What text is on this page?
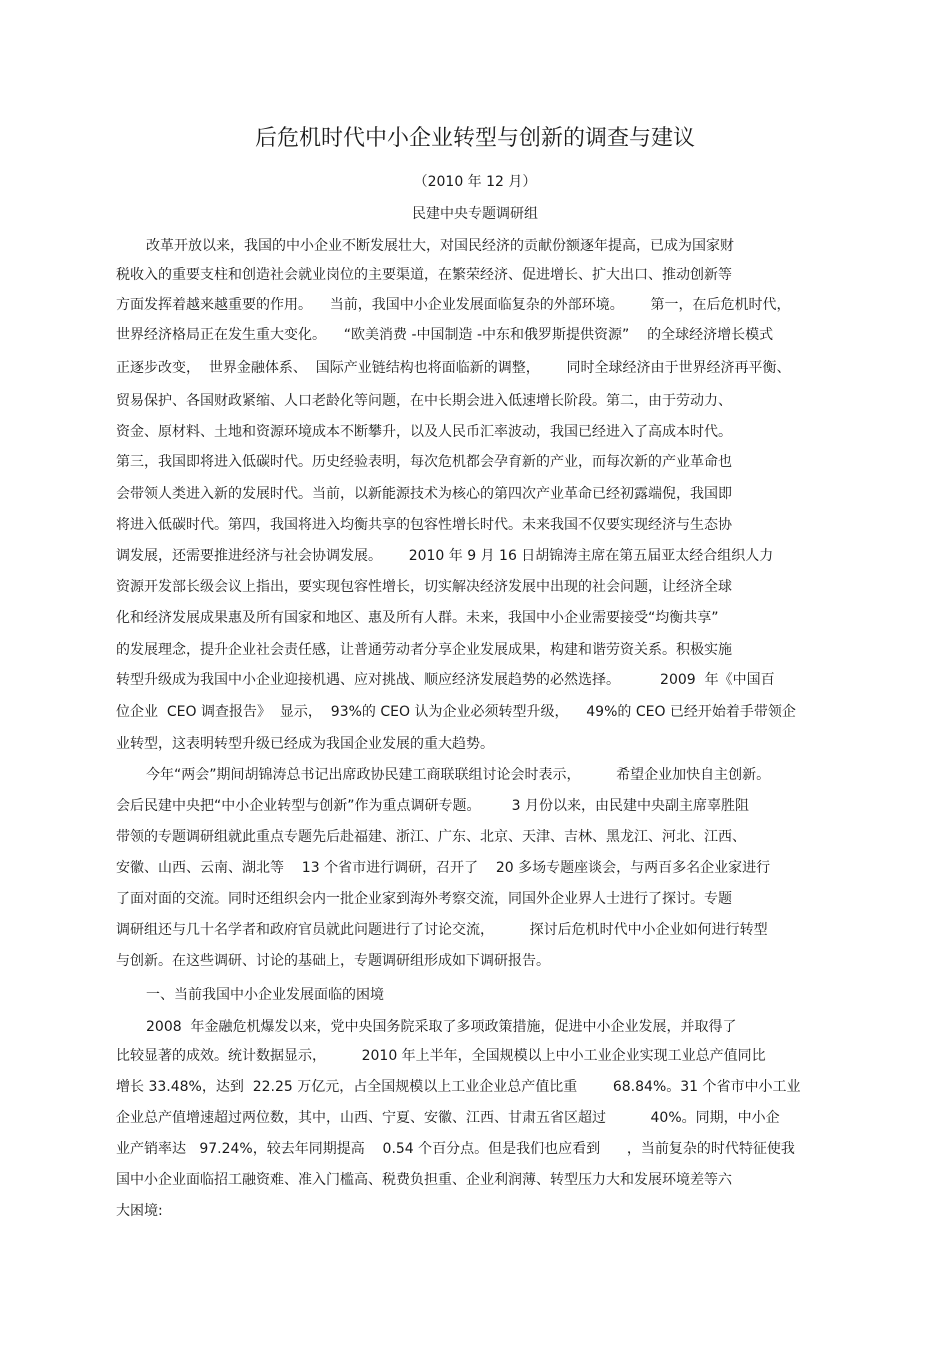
后危机时代中小企业转型与创新的调查与建议
（2010 年 12 月）
民建中央专题调研组
改革开放以来，我国的中小企业不断发展壮大，对国民经济的贡献份额逐年提高，已成为国家财
税收入的重要支柱和创造社会就业岗位的主要渠道，在繁荣经济、促进增长、扩大出口、推动创新等
方面发挥着越来越重要的作用。    当前，我国中小企业发展面临复杂的外部环境。      第一，在后危机时代，
世界经济格局正在发生重大变化。    “欧美消费 -中国制造 -中东和俄罗斯提供资源”    的全球经济增长模式
正逐步改变，  世界金融体系、  国际产业链结构也将面临新的调整，      同时全球经济由于世界经济再平衡、
贸易保护、各国财政紧缩、人口老龄化等问题，在中长期会进入低速增长阶段。第二，由于劳动力、
资金、原材料、土地和资源环境成本不断攀升，以及人民币汇率波动，我国已经进入了高成本时代。
第三，我国即将进入低碳时代。历史经验表明，每次危机都会孕育新的产业，而每次新的产业革命也
会带领人类进入新的发展时代。当前，以新能源技术为核心的第四次产业革命已经初露端倪，我国即
将进入低碳时代。第四，我国将进入均衡共享的包容性增长时代。未来我国不仅要实现经济与生态协
调发展，还需要推进经济与社会协调发展。      2010 年 9 月 16 日胡锦涛主席在第五届亚太经合组织人力
资源开发部长级会议上指出，要实现包容性增长，切实解决经济发展中出现的社会问题，让经济全球
化和经济发展成果惠及所有国家和地区、惠及所有人群。未来，我国中小企业需要接受“均衡共享”
的发展理念，提升企业社会责任感，让普通劳动者分享企业发展成果，构建和谐劳资关系。积极实施
转型升级成为我国中小企业迎接机遇、应对挑战、顺应经济发展趋势的必然选择。         2009  年《中国百
位企业  CEO 调查报告》  显示，  93%的 CEO 认为企业必须转型升级，    49%的 CEO 已经开始着手带领企
业转型，这表明转型升级已经成为我国企业发展的重大趋势。
今年“两会”期间胡锦涛总书记出席政协民建工商联联组讨论会时表示，        希望企业加快自主创新。
会后民建中央把“中小企业转型与创新”作为重点调研专题。       3 月份以来，由民建中央副主席辜胜阻
带领的专题调研组就此重点专题先后赴福建、浙江、广东、北京、天津、吉林、黑龙江、河北、江西、
安徽、山西、云南、湖北等    13 个省市进行调研，召开了    20 多场专题座谈会，与两百多名企业家进行
了面对面的交流。同时还组织会内一批企业家到海外考察交流，同国外企业界人士进行了探讨。专题
调研组还与几十名学者和政府官员就此问题进行了讨论交流，        探讨后危机时代中小企业如何进行转型
与创新。在这些调研、讨论的基础上，专题调研组形成如下调研报告。
一、当前我国中小企业发展面临的困境
2008  年金融危机爆发以来，党中央国务院采取了多项政策措施，促进中小企业发展，并取得了
比较显著的成效。统计数据显示，        2010 年上半年，全国规模以上中小工业企业实现工业总产值同比
增长 33.48%，达到  22.25 万亿元，占全国规模以上工业企业总产值比重        68.84%。31 个省市中小工业
企业总产值增速超过两位数，其中，山西、宁夏、安徽、江西、甘肃五省区超过          40%。同期，中小企
业产销率达   97.24%，较去年同期提高    0.54 个百分点。但是我们也应看到      ，当前复杂的时代特征使我
国中小企业面临招工融资难、准入门槛高、税费负担重、企业利润薄、转型压力大和发展环境差等六
大困境:
